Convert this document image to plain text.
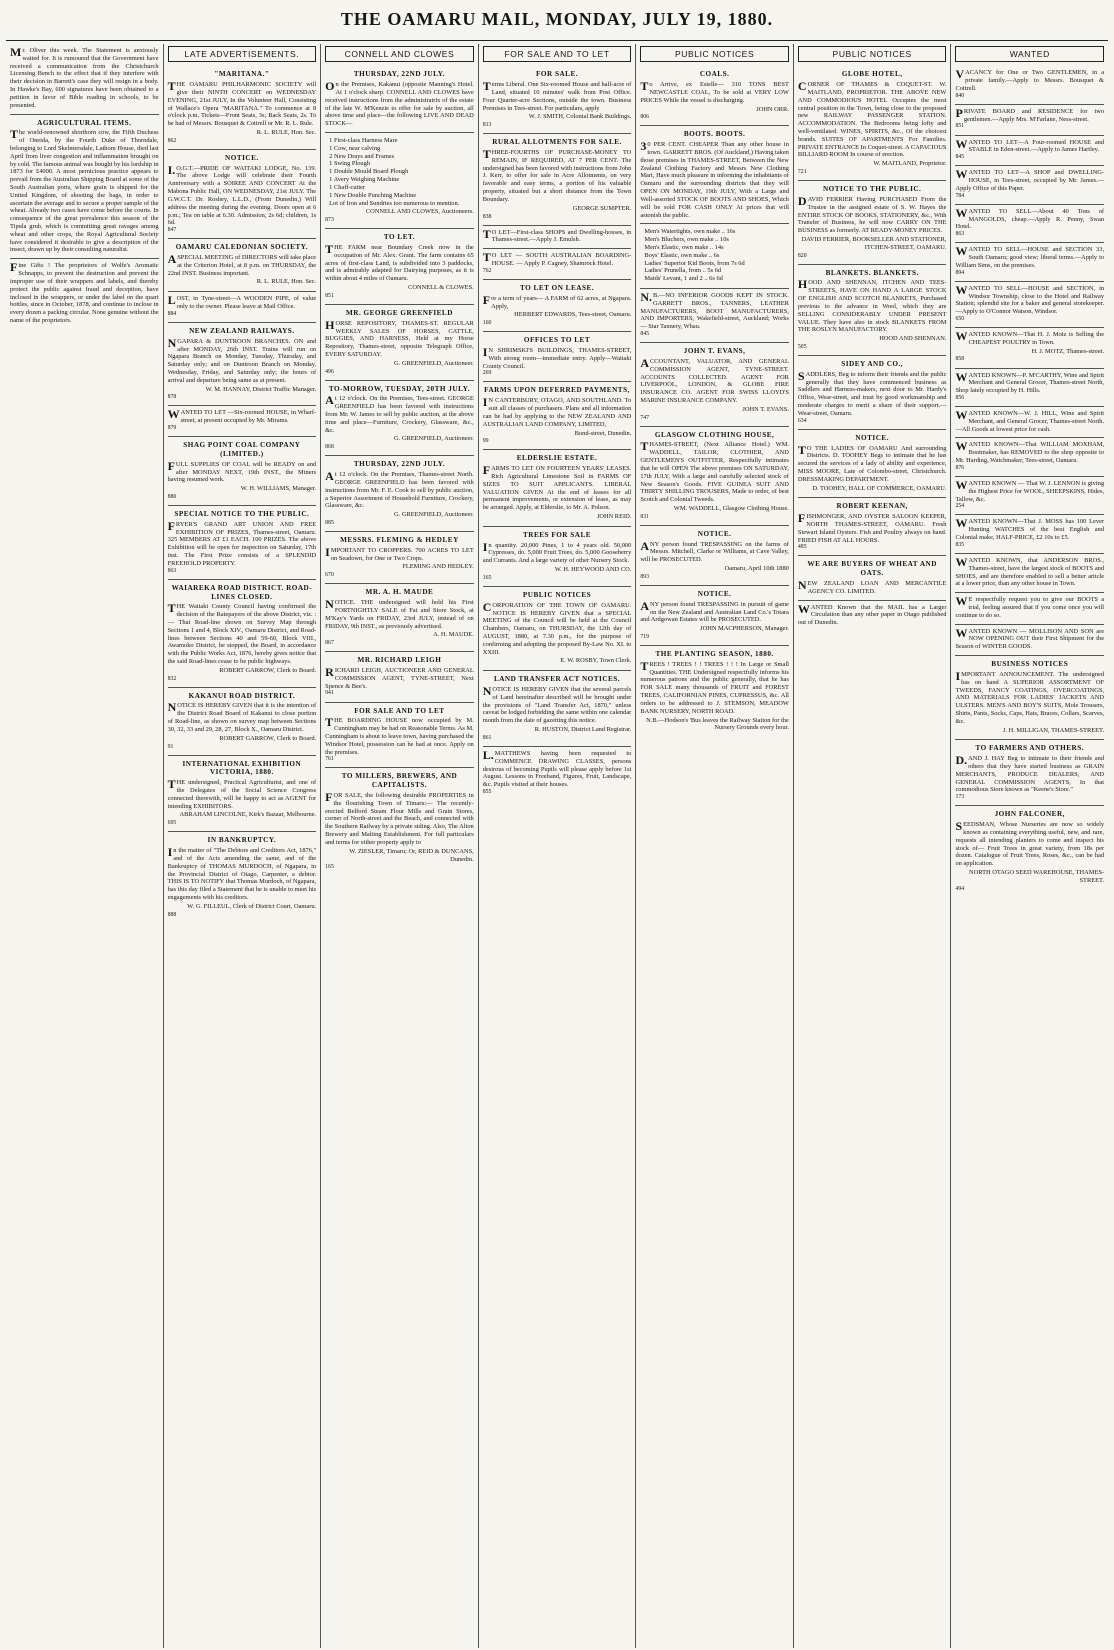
THE OAMARU MAIL, MONDAY, JULY 19, 1880.

Mr. Oliver this week. The Statement is anxiously waited for. It is rumoured that the Government have received a communication from the Christchurch Licensing Bench to the effect that if they interfere with their decision in Barrett's case they will resign in a body. In Hawke's Bay, 600 signatures have been obtained to a petition in favor of Bible reading in schools, to be presented.

AGRICULTURAL ITEMS.

The world-renowned shorthorn cow, the Fifth Duchess of Oneida, by the Fourth Duke of Thorndale, belonging to Lord Skelmersdale, Lathom House, died last April from liver congestion and inflammation brought on by cold. The famous animal was bought by his lordship in 1873 for £4000. A most pernicious practice appears to prevail from the Australian Shipping Board at some of the South Australian ports, where grain is shipped for the United Kingdom, of shooting the bags, in order to ascertain the average and to secure a proper sample of the wheat. Already two cases have come before the courts. In consequence of the great prevalence this season of the Tipula grub, which is committing great ravages among wheat and other crops, the Royal Agricultural Society have considered it desirable to give a description of the insect, drawn up by their consulting naturalist.

Fine Gifts ! The proprietors of Wolfe's Aromatic Schnapps, to prevent the destruction and prevent the improper use of their wrappers and labels, and thereby protect the public against fraud and deception, have inclosed in the wrappers, or under the label on the quart bottles, since in October, 1878, and continue to inclose in every dozen a packing circular. None genuine without the name of the proprietors.

LATE ADVERTISEMENTS.
"MARITANA."

THE OAMARU PHILHARMONIC SOCIETY will give their NINTH CONCERT on WEDNESDAY EVENING, 21st JULY, In the Volunteer Hall, Consisting of Wallace's Opera "MARITANA." To commence at 8 o'clock p.m. Tickets—Front Seats, 3s; Back Seats, 2s. To be had of Messrs. Bousquet & Cottrell or Mr. R. L. Rule.

R. L. RULE, Hon. Sec.
862
NOTICE.

I.O.G.T.—PRIDE OF WAITAKI LODGE, No. 139. The above Lodge will celebrate their Fourth Anniversary with a SOIREE AND CONCERT At the Mabona Public Hall, ON WEDNESDAY, 21st JULY. The G.W.C.T. Dr. Rosbey, L.L.D., (From Dunedin,) Will address the meeting during the evening. Doors open at 6 p.m.; Tea on table at 6.30. Admission, 2s 6d; children, 1s 6d.

847
OAMARU CALEDONIAN SOCIETY.

ASPECIAL MEETING of DIRECTORS will take place at the Criterion Hotel, at 8 p.m. on THURSDAY, the 22nd INST. Business important.

R. L. RULE, Hon. Sec.

LOST, in Tyne-street—A WOODEN PIPE, of value only to the owner. Please leave at Mail Office.

884
NEW ZEALAND RAILWAYS.

NGAPARA & DUNTROON BRANCHES. ON and after MONDAY, 26th INST. Trains will run on Ngapara Branch on Monday, Tuesday, Thursday, and Saturday only; and on Duntroon Branch on Monday, Wednesday, Friday, and Saturday only; the hours of arrival and departure being same as at present.

W. M. HANNAY, District Traffic Manager.
878

WANTED TO LET —Six-roomed HOUSE, in Wharf-street, at present occupied by Mr. Mirams.

879
SHAG POINT COAL COMPANY (LIMITED.)

FULL SUPPLIES OF COAL will be READY on and after MONDAY NEXT, 19th INST., the Miners having resumed work.

W. H. WILLIAMS, Manager.
880
SPECIAL NOTICE TO THE PUBLIC.

FRYER'S GRAND ART UNION AND FREE EXHIBITION OF PRIZES, Thames-street, Oamaru. 325 MEMBERS AT £1 EACH. 100 PRIZES. The above Exhibition will be open for inspection on Saturday, 17th inst. The First Prize consists of a SPLENDID FREEHOLD PROPERTY.

863
WAIAREKA ROAD DISTRICT. ROAD-LINES CLOSED.

THE Waitaki County Council having confirmed the decision of the Ratepayers of the above District, viz. :— That Road-line shown on Survey Map through Sections 1 and 4, Block XIV., Oamaru District, and Road-lines between Sections 40 and 59-60, Block VIII., Awamoko District, be stopped, the Board, in accordance with the Public Works Act, 1876, hereby gives notice that the said Road-lines cease to be public highways.

ROBERT GARROW, Clerk to Board.
832
KAKANUI ROAD DISTRICT.

NOTICE IS HEREBY GIVEN that it is the intention of the District Road Board of Kakanui to close portion of Road-line, as shown on survey map between Sections 30, 32, 33 and 29, 28, 27, Block X., Oamaru District.

ROBERT GARROW, Clerk to Board.
91
INTERNATIONAL EXHIBITION VICTORIA, 1880.

THE undersigned, Practical Agriculturist, and one of the Delegates of the Social Science Congress connected therewith, will be happy to act as AGENT for intending EXHIBITORS.

ABRAHAM LINCOLNE, Kirk's Bazaar, Melbourne.
695
IN BANKRUPTCY.

In the matter of "The Debtors and Creditors Act, 1876," and of the Acts amending the same, and of the Bankruptcy of THOMAS MURDOCH, of Ngapara, in the Provincial District of Otago, Carpenter, a debtor. THIS IS TO NOTIFY that Thomas Murdoch, of Ngapara, has this day filed a Statement that he is unable to meet his engagements with his creditors.

W. G. FILLEUL, Clerk of District Court, Oamaru.
888
CONNELL AND CLOWES
THURSDAY, 22ND JULY.

On the Premises, Kakanui (opposite Manning's Hotel. At 1 o'clock sharp. CONNELL AND CLOWES have received instructions from the administratrix of the estate of the late W. M'Kenzie to offer for sale by auction, all above time and place—the following LIVE AND DEAD STOCK—

1 First-class Harness Mare
1 Cow, near calving
2 New Drays and Frames
1 Swing Plough
1 Double Mould Board Plough
1 Avery Weighing Machine
1 Chaff-cutter
1 New Double Punching Machine
Lot of Iron and Sundries too numerous to mention.
CONNELL AND CLOWES, Auctioneers.
873
TO LET.

THE FARM near Boundary Creek now in the occupation of Mr. Alex. Grant. The farm contains 65 acres of first-class Land, is subdivided into 3 paddocks, and is admirably adapted for Dairying purposes, as it is within about 4 miles of Oamaru.

CONNELL & CLOWES.
851
MR. GEORGE GREENFIELD

HORSE REPOSITORY, THAMES-ST. REGULAR WEEKLY SALES OF HORSES, CATTLE, BUGGIES, AND HARNESS, Held at my Horse Repository, Thames-street, opposite Telegraph Office, EVERY SATURDAY.

G. GREENFIELD, Auctioneer.
496
TO-MORROW, TUESDAY, 20TH JULY.

At 12 o'clock. On the Premises, Tees-street. GEORGE GREENFIELD has been favored with instructions from Mr. W. James to sell by public auction, at the above time and place—Furniture, Crockery, Glassware, &c., &c.

G. GREENFIELD, Auctioneer.
868
THURSDAY, 22ND JULY.

At 12 o'clock. On the Premises, Thames-street North. GEORGE GREENFIELD has been favored with instructions from Mr. F. E. Cook to sell by public auction, a Superior Assortment of Household Furniture, Crockery, Glassware, &c.

G. GREENFIELD, Auctioneer.
885
MESSRS. FLEMING & HEDLEY

IMPORTANT TO CROPPERS. 700 ACRES TO LET on Seadown, for One or Two Crops.

FLEMING AND HEDLEY.
670
MR. A. H. MAUDE

NOTICE. THE undersigned will hold his First FORTNIGHTLY SALE of Fat and Store Stock, at M'Kay's Yards on FRIDAY, 23rd JULY, instead of on FRIDAY, 9th INST., as previously advertised.

A. H. MAUDE.
867
MR. RICHARD LEIGH

RICHARD LEIGH, AUCTIONEER AND GENERAL COMMISSION AGENT, TYNE-STREET, Next Spence & Bee's.

941
FOR SALE AND TO LET

THE BOARDING HOUSE now occupied by M. Cunningham may be had on Reasonable Terms. As M. Cunningham is about to leave town, having purchased the Windsor Hotel, possession can be had at once. Apply on the premises.

761
TO MILLERS, BREWERS, AND CAPITALISTS.

FOR SALE, the following desirable PROPERTIES in the flourishing Town of Timaru:— The recently-erected Belford Steam Flour Mills and Grain Stores, corner of North-street and the Beach, and connected with the Southern Railway by a private siding. Also, The Alton Brewery and Malting Establishment. For full particulars and terms for either property apply to

W. ZIESLER, Timaru; Or, REID & DUNCANS, Dunedin.
165
FOR SALE AND TO LET
FOR SALE.

Terms Liberal. One Six-roomed House and half-acre of Land, situated 10 minutes' walk from Post Office. Four Quarter-acre Sections, outside the town. Business Premises in Tees-street. For particulars, apply

W. J. SMITH, Colonial Bank Buildings.
813
RURAL ALLOTMENTS FOR SALE.

THREE-FOURTHS OF PURCHASE-MONEY TO REMAIN, IF REQUIRED, AT 7 PER CENT. The undersigned has been favored with instructions from John J. Kerr, to offer for sale in Acre Allotments, on very favorable and easy terms, a portion of his valuable property, situated but a short distance from the Town Boundary.

GEORGE SUMPTER.
838

TO LET—First-class SHOPS and Dwelling-houses, in Thames-street.—Apply J. Emulsh.

TO LET — SOUTH AUSTRALIAN BOARDING-HOUSE. — Apply P. Cagney, Shamrock Hotel.

762
TO LET ON LEASE.

For a term of years— A FARM of 62 acres, at Ngapara. Apply,

HERBERT EDWARDS, Tees-street, Oamaru.
160
OFFICES TO LET

IN SHRIMSKI'S BUILDINGS, THAMES-STREET, With strong room—immediate entry. Apply—Waitaki County Council.

269
FARMS UPON DEFERRED PAYMENTS,

IN CANTERBURY, OTAGO, AND SOUTHLAND. To suit all classes of purchasers. Plans and all information can be had by applying to the NEW ZEALAND AND AUSTRALIAN LAND COMPANY, LIMITED,

Bond-street, Dunedin.
99
ELDERSLIE ESTATE.

FARMS TO LET ON FOURTEEN YEARS' LEASES. Rich Agricultural Limestone Soil in FARMS OF SIZES TO SUIT APPLICANTS. LIBERAL VALUATION GIVEN At the end of leases for all permanent improvements, or extension of lease, as may be arranged. Apply, at Elderslie, to Mr. A. Polson.

JOHN REID.
TREES FOR SALE

In quantity. 20,000 Pines, 1 to 4 years old. 50,000 Cypresses, do. 5,000 Fruit Trees, do. 5,000 Gooseberry and Currants. And a large variety of other Nursery Stock.

W. H. HEYWOOD AND CO.
165
PUBLIC NOTICES

CORPORATION OF THE TOWN OF OAMARU. NOTICE IS HEREBY GIVEN that a SPECIAL MEETING of the Council will be held at the Council Chambers, Oamaru, on THURSDAY, the 12th day of AUGUST, 1880, at 7.30 p.m., for the purpose of confirming and adopting the proposed By-Law No. XI. to XXIII.

E. W. ROSBY, Town Clerk.
LAND TRANSFER ACT NOTICES.

NOTICE IS HEREBY GIVEN that the several parcels of Land hereinafter described will be brought under the provisions of "Land Transfer Act, 1870," unless caveat be lodged forbidding the same within one calendar month from the date of gazetting this notice.

R. HUSTON, District Land Registrar.
861

L.MATTHEWS having been requested to COMMENCE DRAWING CLASSES, persons desirous of becoming Pupils will please apply before 1st August. Lessons in Freehand, Figures, Fruit, Landscape, &c. Pupils visited at their houses.

855
PUBLIC NOTICES
COALS.

To Arrive, ex Estelle— 310 TONS BEST NEWCASTLE COAL, To be sold at VERY LOW PRICES While the vessel is discharging.

JOHN ORR.
806
BOOTS. BOOTS.

30 PER CENT. CHEAPER Than any other house in town. GARRETT BROS. (Of Auckland,) Having taken those premises in THAMES-STREET, Between the New Zealand Clothing Factory and Messrs New Clothing Mart, Have much pleasure in informing the inhabitants of Oamaru and the surrounding districts that they will OPEN ON MONDAY, 19th JULY, With a Large and Well-assorted STOCK OF BOOTS AND SHOES, Which will be sold FOR CASH ONLY At prices that will astonish the public.

Men's Watertights, own make .. 16s
Men's Bluchers, own make .. 10s
Men's Elastic, own make .. 14s
Boys' Elastic, own make .. 6s
Ladies' Superior Kid Boots, from 7s 6d
Ladies' Prunella, from .. 5s 6d
Maids' Levant, 1 and 2 .. 6s 6d

N.B.—NO INFERIOR GOODS KEPT IN STOCK. GARRETT BROS., TANNERS, LEATHER MANUFACTURERS, BOOT MANUFACTURERS, AND IMPORTERS, Wakefield-street, Auckland; Works — Star Tannery, Whau.

845
JOHN T. EVANS,

ACCOUNTANT, VALUATOR, AND GENERAL COMMISSION AGENT, TYNE-STREET. ACCOUNTS COLLECTED. AGENT FOR LIVERPOOL, LONDON, & GLOBE FIRE INSURANCE CO. AGENT FOR SWISS LLOYD'S MARINE INSURANCE COMPANY.

JOHN T. EVANS.
747
GLASGOW CLOTHING HOUSE,

THAMES-STREET, (Next Alliance Hotel.) WM. WADDELL, TAILOR, CLOTHIER, AND GENTLEMEN'S OUTFITTER, Respectfully intimates that he will OPEN The above premises ON SATURDAY, 17th JULY, With a large and carefully selected stock of New Season's Goods. FIVE GUINEA SUIT AND THIRTY SHILLING TROUSERS, Made to order, of best Scotch and Colonial Tweeds.

WM. WADDELL, Glasgow Clothing House.
831
NOTICE.

ANY person found TRESPASSING on the farms of Messrs. Mitchell, Clarke or Williams, at Cave Valley, will be PROSECUTED.

Oamaru, April 10th 1880
893
NOTICE.

ANY person found TRESPASSING in pursuit of game on the New Zealand and Australian Land Co.'s Totara and Ardgowan Estates will be PROSECUTED.

JOHN MACPHERSON, Manager.
719
THE PLANTING SEASON, 1880.

TREES ! TREES ! ! TREES ! ! ! In Large or Small Quantities. THE Undersigned respectfully informs his numerous patrons and the public generally, that he has FOR SALE many thousands of FRUIT and FOREST TREES, CALIFORNIAN PINES, CUPRESSUS, &c. All orders to be addressed to J. STEMSON, MEADOW BANK NURSERY, NORTH ROAD.

N.B.—Hodson's 'Bus leaves the Railway Station for the Nursery Grounds every hour.
PUBLIC NOTICES
GLOBE HOTEL,

CORNER OF THAMES & COQUET-ST. W. MAITLAND, PROPRIETOR. THE ABOVE NEW AND COMMODIOUS HOTEL Occupies the most central position in the Town, being close to the proposed new RAILWAY PASSENGER STATION. ACCOMMODATION. The Bedrooms being lofty and well-ventilated. WINES, SPIRITS, &c., Of the choicest brands. SUITES OF APARTMENTS For Families. PRIVATE ENTRANCE In Coquet-street. A CAPACIOUS BILLIARD ROOM In course of erection.

W. MAITLAND, Proprietor.
721
NOTICE TO THE PUBLIC.

DAVID FERRIER Having PURCHASED From the Trustee in the assigned estate of S. W. Hayes the ENTIRE STOCK OF BOOKS, STATIONERY, &c., With Transfer of Business, he will now CARRY ON THE BUSINESS as formerly. AT READY-MONEY PRICES.

DAVID FERRIER, BOOKSELLER AND STATIONER, ITCHEN-STREET, OAMARU.
820
BLANKETS. BLANKETS.

HOOD AND SHENNAN, ITCHEN AND TEES-STREETS, HAVE ON HAND A LARGE STOCK OF ENGLISH AND SCOTCH BLANKETS, Purchased previous to the advance in Wool, which they are SELLING CONSIDERABLY UNDER PRESENT VALUE. They have also in stock BLANKETS FROM THE ROSLYN MANUFACTORY.

HOOD AND SHENNAN.
505
SIDEY AND CO.,

SADDLERS, Beg to inform their friends and the public generally that they have commenced business as Saddlers and Harness-makers, next door to Mr. Hardy's Office, Wear-street, and trust by good workmanship and moderate charges to merit a share of their support.—Wear-street, Oamaru.

634
NOTICE.

TO THE LADIES OF OAMARU And surrounding Districts. D. TOOHEY Begs to intimate that he has secured the services of a lady of ability and experience, MISS MOORE, Late of Colombo-street, Christchurch. DRESSMAKING DEPARTMENT.

D. TOOHEY, HALL OF COMMERCE, OAMARU.
ROBERT KEENAN,

FISHMONGER, AND OYSTER SALOON KEEPER, NORTH THAMES-STREET, OAMARU. Fresh Stewart Island Oysters. Fish and Poultry always on hand. FRIED FISH AT ALL HOURS.

485
WE ARE BUYERS OF WHEAT AND OATS.

NEW ZEALAND LOAN AND MERCANTILE AGENCY CO. LIMITED.

WANTED Known that the MAIL has a Larger Circulation than any other paper in Otago published out of Dunedin.

WANTED

VACANCY for One or Two GENTLEMEN, in a private family.—Apply to Messrs. Bousquet & Cottrell.

840

PRIVATE BOARD and RESIDENCE for two gentlemen.—Apply Mrs. M'Farlane, Ness-street.

851

WANTED TO LET—A Four-roomed HOUSE and STABLE in Eden-street.—Apply to James Hartley.

845

WANTED TO LET—A SHOP and DWELLING-HOUSE, in Tees-street, occupied by Mr. James.—Apply Office of this Paper.

784

WANTED TO SELL—About 40 Tons of MANGOLDS, cheap.—Apply R. Penny, Swan Hotel.

863

WANTED TO SELL—HOUSE and SECTION 33, South Oamaru; good view; liberal terms.—Apply to William Sims, on the premises.

894

WANTED TO SELL—HOUSE and SECTION, in Windsor Township, close to the Hotel and Railway Station; splendid site for a baker and general storekeeper.—Apply to O'Connor Watson, Windsor.

650

WANTED KNOWN—That H. J. Motz is Selling the CHEAPEST POULTRY in Town.

H. J. MOTZ, Thames-street.
858

WANTED KNOWN—P. M'CARTHY, Wine and Spirit Merchant and General Grocer, Thames-street North, Shop lately occupied by H. Hills.

856

WANTED KNOWN—W. J. HILL, Wine and Spirit Merchant, and General Grocer, Thames-street North.—All Goods at lowest price for cash.

WANTED KNOWN—That WILLIAM MOXHAM, Bootmaker, has REMOVED to the shop opposite to Mr. Harding, Watchmaker, Tees-street, Oamaru.

876

WANTED KNOWN — That W. J. LENNON is giving the Highest Price for WOOL, SHEEPSKINS, Hides, Tallow, &c.

254

WANTED KNOWN—That J. MOSS has 100 Lever Hunting WATCHES of the best English and Colonial make, HALF-PRICE, £2 10s to £5.

835

WANTED KNOWN, that ANDERSON BROS., Thames-street, have the largest stock of BOOTS and SHOES, and are therefore enabled to sell a better article at a lower price, than any other house in Town.

WE respectfully request you to give our BOOTS a trial, feeling assured that if you come once you will continue to do so.

WANTED KNOWN — MOLLISON AND SON are NOW OPENING OUT their First Shipment for the Season of WINTER GOODS.

BUSINESS NOTICES

IMPORTANT ANNOUNCEMENT. The undersigned has on hand A SUPERIOR ASSORTMENT OF TWEEDS, FANCY COATINGS, OVERCOATINGS, AND MATERIALS FOR LADIES' JACKETS AND ULSTERS. MEN'S AND BOY'S SUITS, Mole Trousers, Shirts, Pants, Socks, Caps, Hats, Braces, Collars, Scarves, &c.

J. H. MILLIGAN, THAMES-STREET.
TO FARMERS AND OTHERS.

D.AND J. HAY Beg to intimate to their friends and others that they have started business as GRAIN MERCHANTS, PRODUCE DEALERS, AND GENERAL COMMISSION AGENTS, In that commodious Store known as "Keene's Store."

173
JOHN FALCONER,

SEEDSMAN, Whose Nurseries are now so widely known as containing everything useful, new, and rare, requests all intending planters to come and inspect his stock of— Fruit Trees in great variety, from 18s per dozen. Catalogue of Fruit Trees, Roses, &c., can be had on application.

NORTH OTAGO SEED WAREHOUSE, THAMES-STREET.
494
